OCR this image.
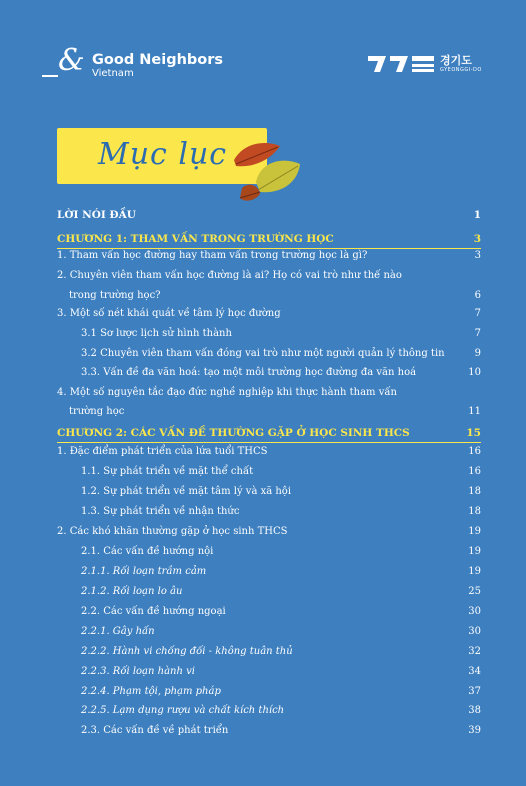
& Good Neighbors
Vietnam
경기도
GYEONGGI-DO
Mục lục
LỜI NÓI ĐẦU	1
CHƯƠNG 1: THAM VẤN TRONG TRƯỜNG HỌC	3
1. Tham vấn học đường hay tham vấn trong trường học là gì?	3
2. Chuyên viên tham vấn học đường là ai? Họ có vai trò như thế nào
trong trường học?	6
3. Một số nét khái quát về tâm lý học đường	7
3.1 Sơ lược lịch sử hình thành	7
3.2 Chuyên viên tham vấn đóng vai trò như một người quản lý thông tin	9
3.3. Vấn đề đa văn hoá: tạo một môi trường học đường đa văn hoá	10
4. Một số nguyên tắc đạo đức nghề nghiệp khi thực hành tham vấn
trường học	11
CHƯƠNG 2: CÁC VẤN ĐỀ THƯỜNG GẶP Ở HỌC SINH THCS	15
1. Đặc điểm phát triển của lứa tuổi THCS	16
1.1. Sự phát triển về mặt thể chất	16
1.2. Sự phát triển về mặt tâm lý và xã hội	18
1.3. Sự phát triển về nhận thức	18
2. Các khó khăn thường gặp ở học sinh THCS	19
2.1. Các vấn đề hướng nội	19
2.1.1. Rối loạn trầm cảm	19
2.1.2. Rối loạn lo âu	25
2.2. Các vấn đề hướng ngoại	30
2.2.1. Gây hấn	30
2.2.2. Hành vi chống đối - không tuân thủ	32
2.2.3. Rối loạn hành vi	34
2.2.4. Phạm tội, phạm pháp	37
2.2.5. Lạm dụng rượu và chất kích thích	38
2.3. Các vấn đề về phát triển	39
